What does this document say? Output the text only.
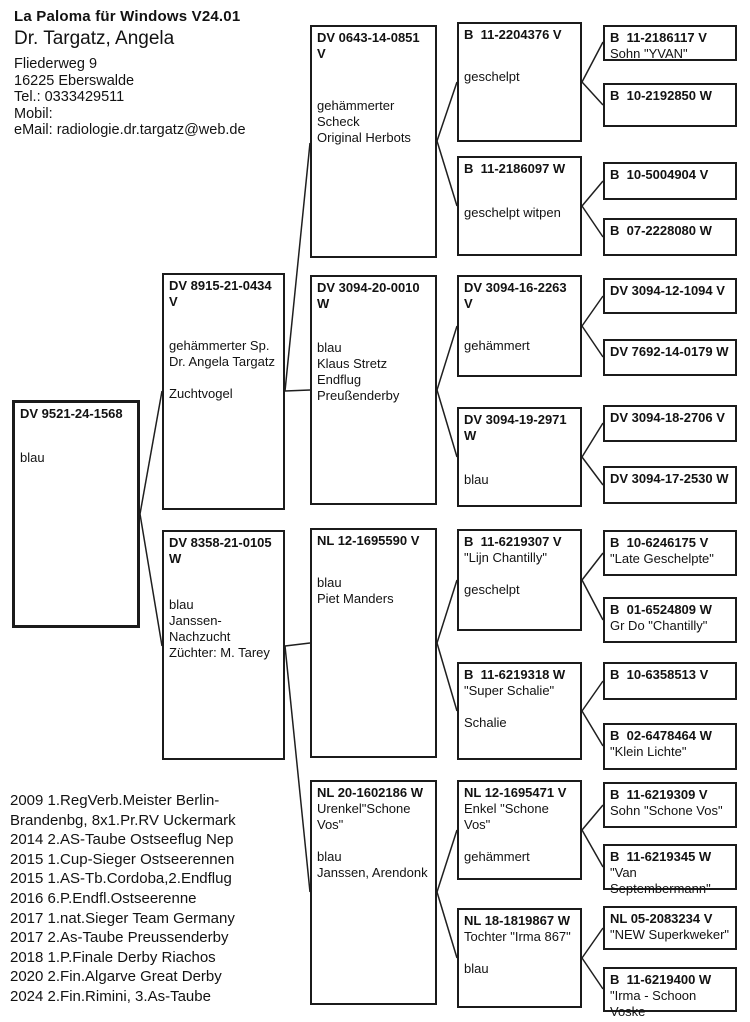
La Paloma für Windows V24.01
Dr. Targatz, Angela
Fliederweg 9
16225 Eberswalde
Tel.: 0333429511
Mobil:
eMail: radiologie.dr.targatz@web.de
DV 9521-24-1568
blau
DV 8915-21-0434 V
gehämmerter Sp.
Dr. Angela Targatz
Zuchtvogel
DV 8358-21-0105 W
blau
Janssen-Nachzucht
Züchter: M. Tarey
DV 0643-14-0851 V
gehämmerter
Scheck
Original Herbots
DV 3094-20-0010 W
blau
Klaus Stretz
Endflug
Preußenderby
NL 12-1695590 V
blau
Piet Manders
NL 20-1602186 W
Urenkel"Schone
Vos"
blau
Janssen, Arendonk
B  11-2204376 V
geschelpt
B  11-2186097 W
geschelpt witpen
DV 3094-16-2263 V
gehämmert
DV 3094-19-2971 W
blau
B  11-6219307 V
"Lijn Chantilly"
geschelpt
B  11-6219318 W
"Super Schalie"
Schalie
NL 12-1695471 V
Enkel "Schone Vos"
gehämmert
NL 18-1819867 W
Tochter "Irma 867"
blau
B  11-2186117 V
Sohn "YVAN"
B  10-2192850 W
B  10-5004904 V
B  07-2228080 W
DV 3094-12-1094 V
DV 7692-14-0179 W
DV 3094-18-2706 V
DV 3094-17-2530 W
B  10-6246175 V
"Late Geschelpte"
B  01-6524809 W
Gr Do "Chantilly"
B  10-6358513 V
B  02-6478464 W
"Klein Lichte"
B  11-6219309 V
Sohn "Schone Vos"
B  11-6219345 W
"Van Septembermann"
NL 05-2083234 V
"NEW Superkweker"
B  11-6219400 W
"Irma - Schoon Voske
2009 1.RegVerb.Meister Berlin-
Brandenbg, 8x1.Pr.RV Uckermark
2014 2.AS-Taube Ostseeflug Nep
2015 1.Cup-Sieger Ostseerennen
2015 1.AS-Tb.Cordoba,2.Endflug
2016 6.P.Endfl.Ostseerenne
2017 1.nat.Sieger Team Germany
2017 2.As-Taube Preussenderby
2018 1.P.Finale Derby Riachos
2020 2.Fin.Algarve Great Derby
2024 2.Fin.Rimini, 3.As-Taube
